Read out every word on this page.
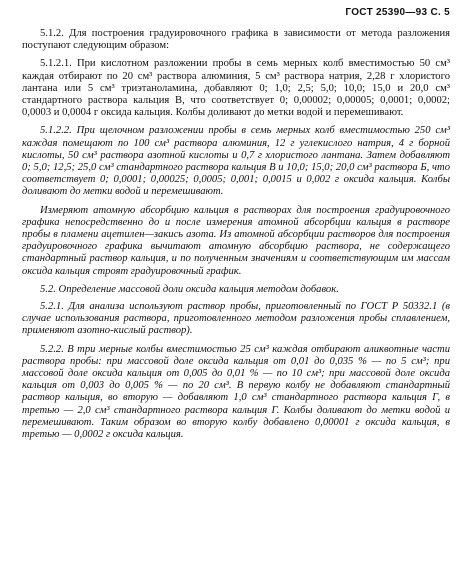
ГОСТ 25390—93 С. 5

5.1.2. Для построения градуировочного графика в зависимости от метода разложения поступают следующим образом:

5.1.2.1. При кислотном разложении пробы в семь мерных колб вместимостью 50 см³ каждая отбирают по 20 см³ раствора алюминия, 5 см³ раствора натрия, 2,28 г хлористого лантана или 5 см³ триэтаноламина, добавляют 0; 1,0; 2,5; 5,0; 10,0; 15,0 и 20,0 см³ стандартного раствора кальция В, что соответствует 0; 0,00002; 0,00005; 0,0001; 0,0002; 0,0003 и 0,0004 г оксида кальция. Колбы доливают до метки водой и перемешивают.

5.1.2.2. При щелочном разложении пробы в семь мерных колб вместимостью 250 см³ каждая помещают по 100 см³ раствора алюминия, 12 г углекислого натрия, 4 г борной кислоты, 50 см³ раствора азотной кислоты и 0,7 г хлористого лантана. Затем добавляют 0; 5,0; 12,5; 25,0 см³ стандартного раствора кальция В и 10,0; 15,0; 20,0 см³ раствора Б, что соответствует 0; 0,0001; 0,00025; 0,0005; 0,001; 0,0015 и 0,002 г оксида кальция. Колбы доливают до метки водой и перемешивают.

Измеряют атомную абсорбцию кальция в растворах для построения градуировочного графика непосредственно до и после измерения атомной абсорбции кальция в растворе пробы в пламени ацетилен—закись азота. Из атомной абсорбции растворов для построения градуировочного графика вычитают атомную абсорбцию раствора, не содержащего стандартный раствор кальция, и по полученным значениям и соответствующим им массам оксида кальция строят градуировочный график.

5.2. Определение массовой доли оксида кальция методом добавок.

5.2.1. Для анализа используют раствор пробы, приготовленный по ГОСТ Р 50332.1 (в случае использования раствора, приготовленного методом разложения пробы сплавлением, применяют азотно-кислый раствор).

5.2.2. В три мерные колбы вместимостью 25 см³ каждая отбирают аликвотные части раствора пробы: при массовой доле оксида кальция от 0,01 до 0,035 % — по 5 см³; при массовой доле оксида кальция от 0,005 до 0,01 % — по 10 см³; при массовой доле оксида кальция от 0,003 до 0,005 % — по 20 см³. В первую колбу не добавляют стандартный раствор кальция, во вторую — добавляют 1,0 см³ стандартного раствора кальция Г, в третью — 2,0 см³ стандартного раствора кальция Г. Колбы доливают до метки водой и перемешивают. Таким образом во вторую колбу добавлено 0,00001 г оксида кальция, в третью — 0,0002 г оксида кальция.
